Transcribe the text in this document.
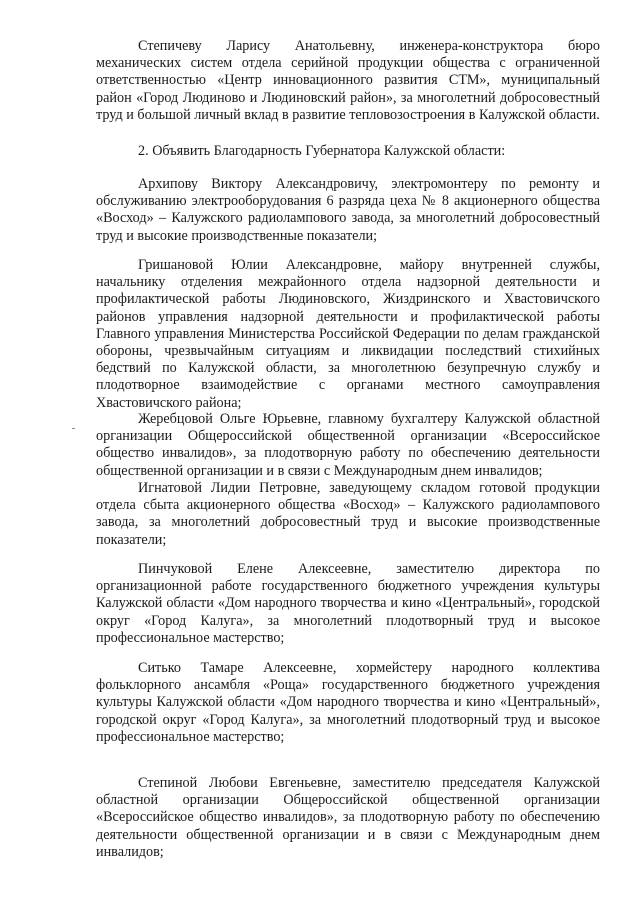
Степичеву Ларису Анатольевну, инженера-конструктора бюро механических систем отдела серийной продукции общества с ограниченной ответственностью «Центр инновационного развития СТМ», муниципальный район «Город Людиново и Людиновский район», за многолетний добросовестный труд и большой личный вклад в развитие тепловозостроения в Калужской области.

2. Объявить Благодарность Губернатора Калужской области:

Архипову Виктору Александровичу, электромонтеру по ремонту и обслуживанию электрооборудования 6 разряда цеха № 8 акционерного общества «Восход» – Калужского радиолампового завода, за многолетний добросовестный труд и высокие производственные показатели;

Гришановой Юлии Александровне, майору внутренней службы, начальнику отделения межрайонного отдела надзорной деятельности и профилактической работы Людиновского, Жиздринского и Хвастовичского районов управления надзорной деятельности и профилактической работы Главного управления Министерства Российской Федерации по делам гражданской обороны, чрезвычайным ситуациям и ликвидации последствий стихийных бедствий по Калужской области, за многолетнюю безупречную службу и плодотворное взаимодействие с органами местного самоуправления Хвастовичского района;

Жеребцовой Ольге Юрьевне, главному бухгалтеру Калужской областной организации Общероссийской общественной организации «Всероссийское общество инвалидов», за плодотворную работу по обеспечению деятельности общественной организации и в связи с Международным днем инвалидов;

Игнатовой Лидии Петровне, заведующему складом готовой продукции отдела сбыта акционерного общества «Восход» – Калужского радиолампового завода, за многолетний добросовестный труд и высокие производственные показатели;

Пинчуковой Елене Алексеевне, заместителю директора по организационной работе государственного бюджетного учреждения культуры Калужской области «Дом народного творчества и кино «Центральный», городской округ «Город Калуга», за многолетний плодотворный труд и высокое профессиональное мастерство;

Ситько Тамаре Алексеевне, хормейстеру народного коллектива фольклорного ансамбля «Роща» государственного бюджетного учреждения культуры Калужской области «Дом народного творчества и кино «Центральный», городской округ «Город Калуга», за многолетний плодотворный труд и высокое профессиональное мастерство;

Степиной Любови Евгеньевне, заместителю председателя Калужской областной организации Общероссийской общественной организации «Всероссийское общество инвалидов», за плодотворную работу по обеспечению деятельности общественной организации и в связи с Международным днем инвалидов;
